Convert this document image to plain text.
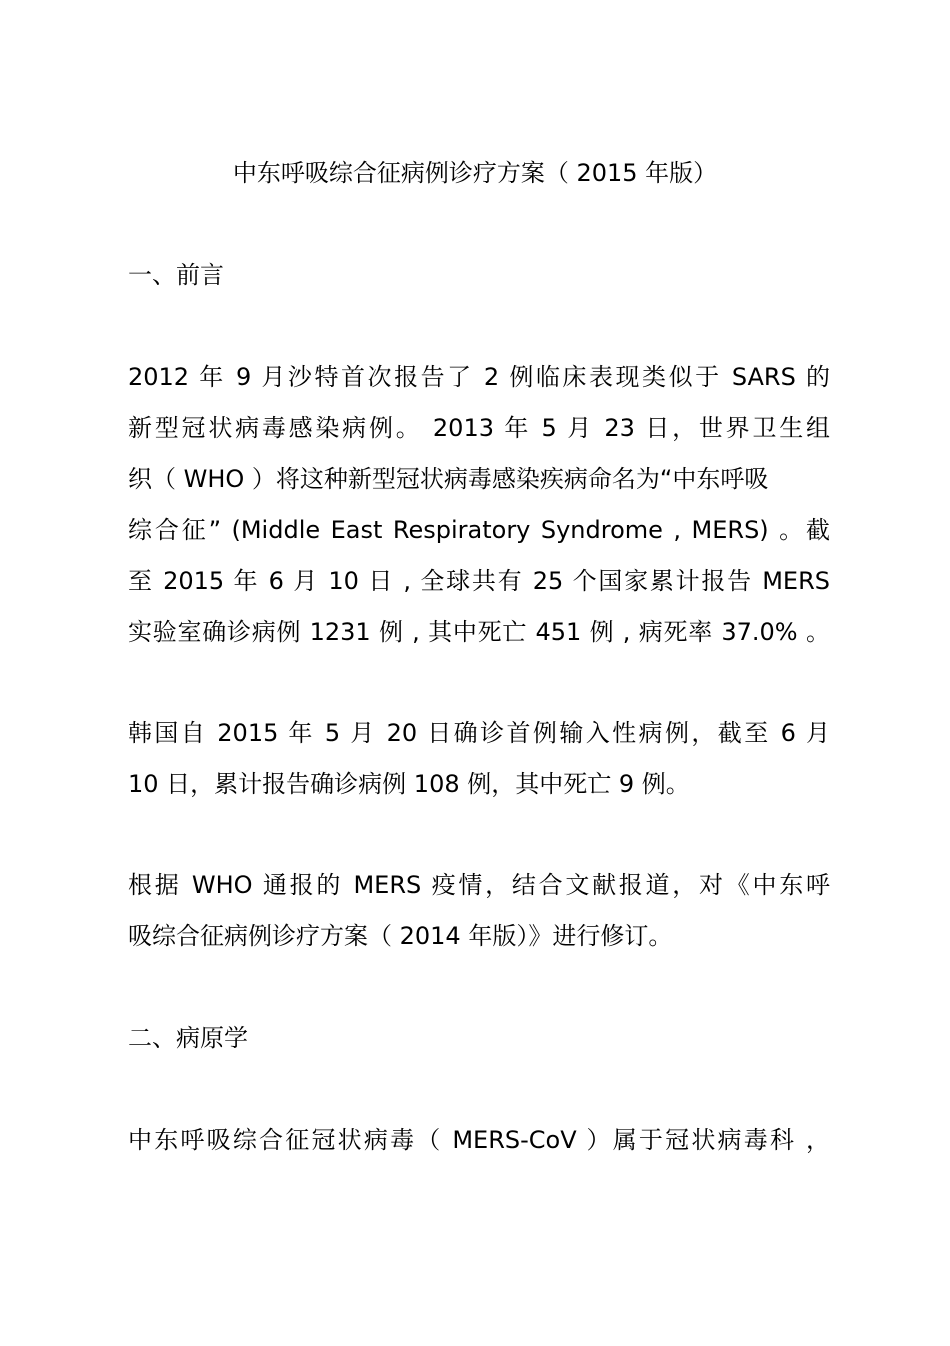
中东呼吸综合征病例诊疗方案（ 2015 年版）
一、前言
2012 年 9 月沙特首次报告了 2 例临床表现类似于 SARS 的
新型冠状病毒感染病例。 2013 年 5 月 23 日，世界卫生组
织（ WHO ）将这种新型冠状病毒感染疾病命名为“中东呼吸
综合征” (Middle East Respiratory Syndrome , MERS) 。截
至 2015 年 6 月 10 日 , 全球共有 25 个国家累计报告 MERS
实验室确诊病例 1231 例 , 其中死亡 451 例 , 病死率 37.0% 。
韩国自 2015 年 5 月 20 日确诊首例输入性病例，截至 6 月
10 日，累计报告确诊病例 108 例，其中死亡 9 例。
根据 WHO 通报的 MERS 疫情，结合文献报道，对《中东呼
吸综合征病例诊疗方案（ 2014 年版）》进行修订。
二、病原学
中东呼吸综合征冠状病毒（ MERS-CoV ）属于冠状病毒科 ，
